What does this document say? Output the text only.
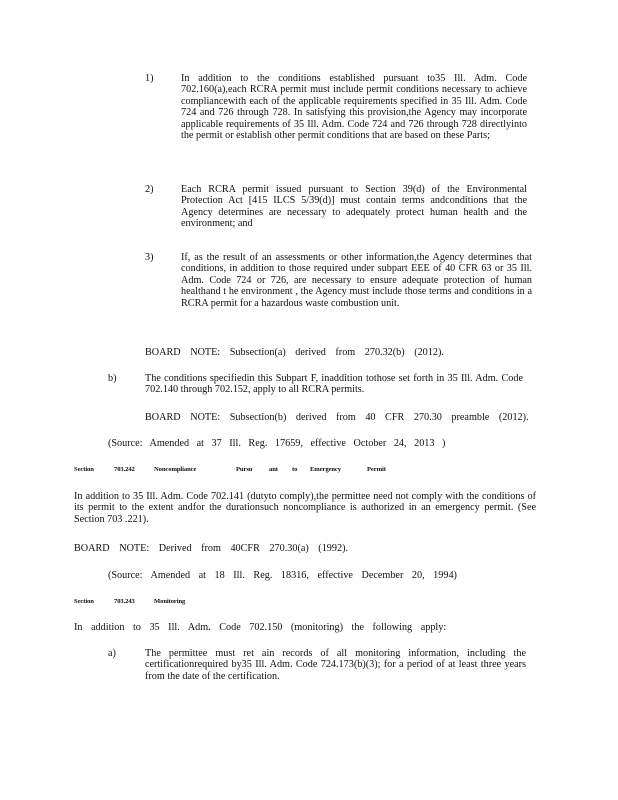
1)	In addition to the conditions established pursuant to35 Ill. Adm. Code 702.160(a),each RCRA permit must include permit conditions necessary to achieve compliancewith each of the applicable requirements specified in 35 Ill. Adm. Code 724 and 726 through 728. In satisfying this provision,the Agency may incorporate applicable requirements of 35 Ill. Adm. Code 724 and 726 through 728 directlyinto the permit or establish other permit conditions that are based on these Parts;
2)	Each RCRA permit issued pursuant to Section 39(d) of the Environmental Protection Act [415 ILCS 5/39(d)] must contain terms andconditions that the Agency determines are necessary to adequately protect human health and the environment; and
3)	If, as the result of an assessments or other information,the Agency determines that conditions, in addition to those required under subpart EEE of 40 CFR 63 or 35 Ill. Adm. Code 724 or 726, are necessary to ensure adequate protection of human healthand t he environment , the Agency must include those terms and conditions in a RCRA permit for a hazardous waste combustion unit.
BOARD NOTE: Subsection(a) derived from 270.32(b) (2012).
b)	The conditions specifiedin this Subpart F, inaddition tothose set forth in 35 Ill. Adm. Code 702.140 through 702.152, apply to all RCRA permits.
BOARD NOTE: Subsection(b) derived from 40 CFR 270.30 preamble (2012).
(Source: Amended at 37 Ill. Reg. 17659, effective October 24, 2013 )
Section	703.242	Noncompliance	Pursu	ant to Emergency	Permit
In addition to 35 Ill. Adm. Code 702.141 (dutyto comply),the permittee need not comply with the conditions of its permit to the extent andfor the durationsuch noncompliance is authorized in an emergency permit. (See Section 703 .221).
BOARD NOTE: Derived from 40CFR 270.30(a) (1992).
(Source: Amended at 18 Ill. Reg. 18316, effective December 20, 1994)
Section	703.243	Monitoring
In addition to 35 Ill. Adm. Code 702.150 (monitoring) the following apply:
a)	The permittee must ret ain records of all monitoring information, including the certificationrequired by35 Ill. Adm. Code 724.173(b)(3); for a period of at least three years from the date of the certification.
